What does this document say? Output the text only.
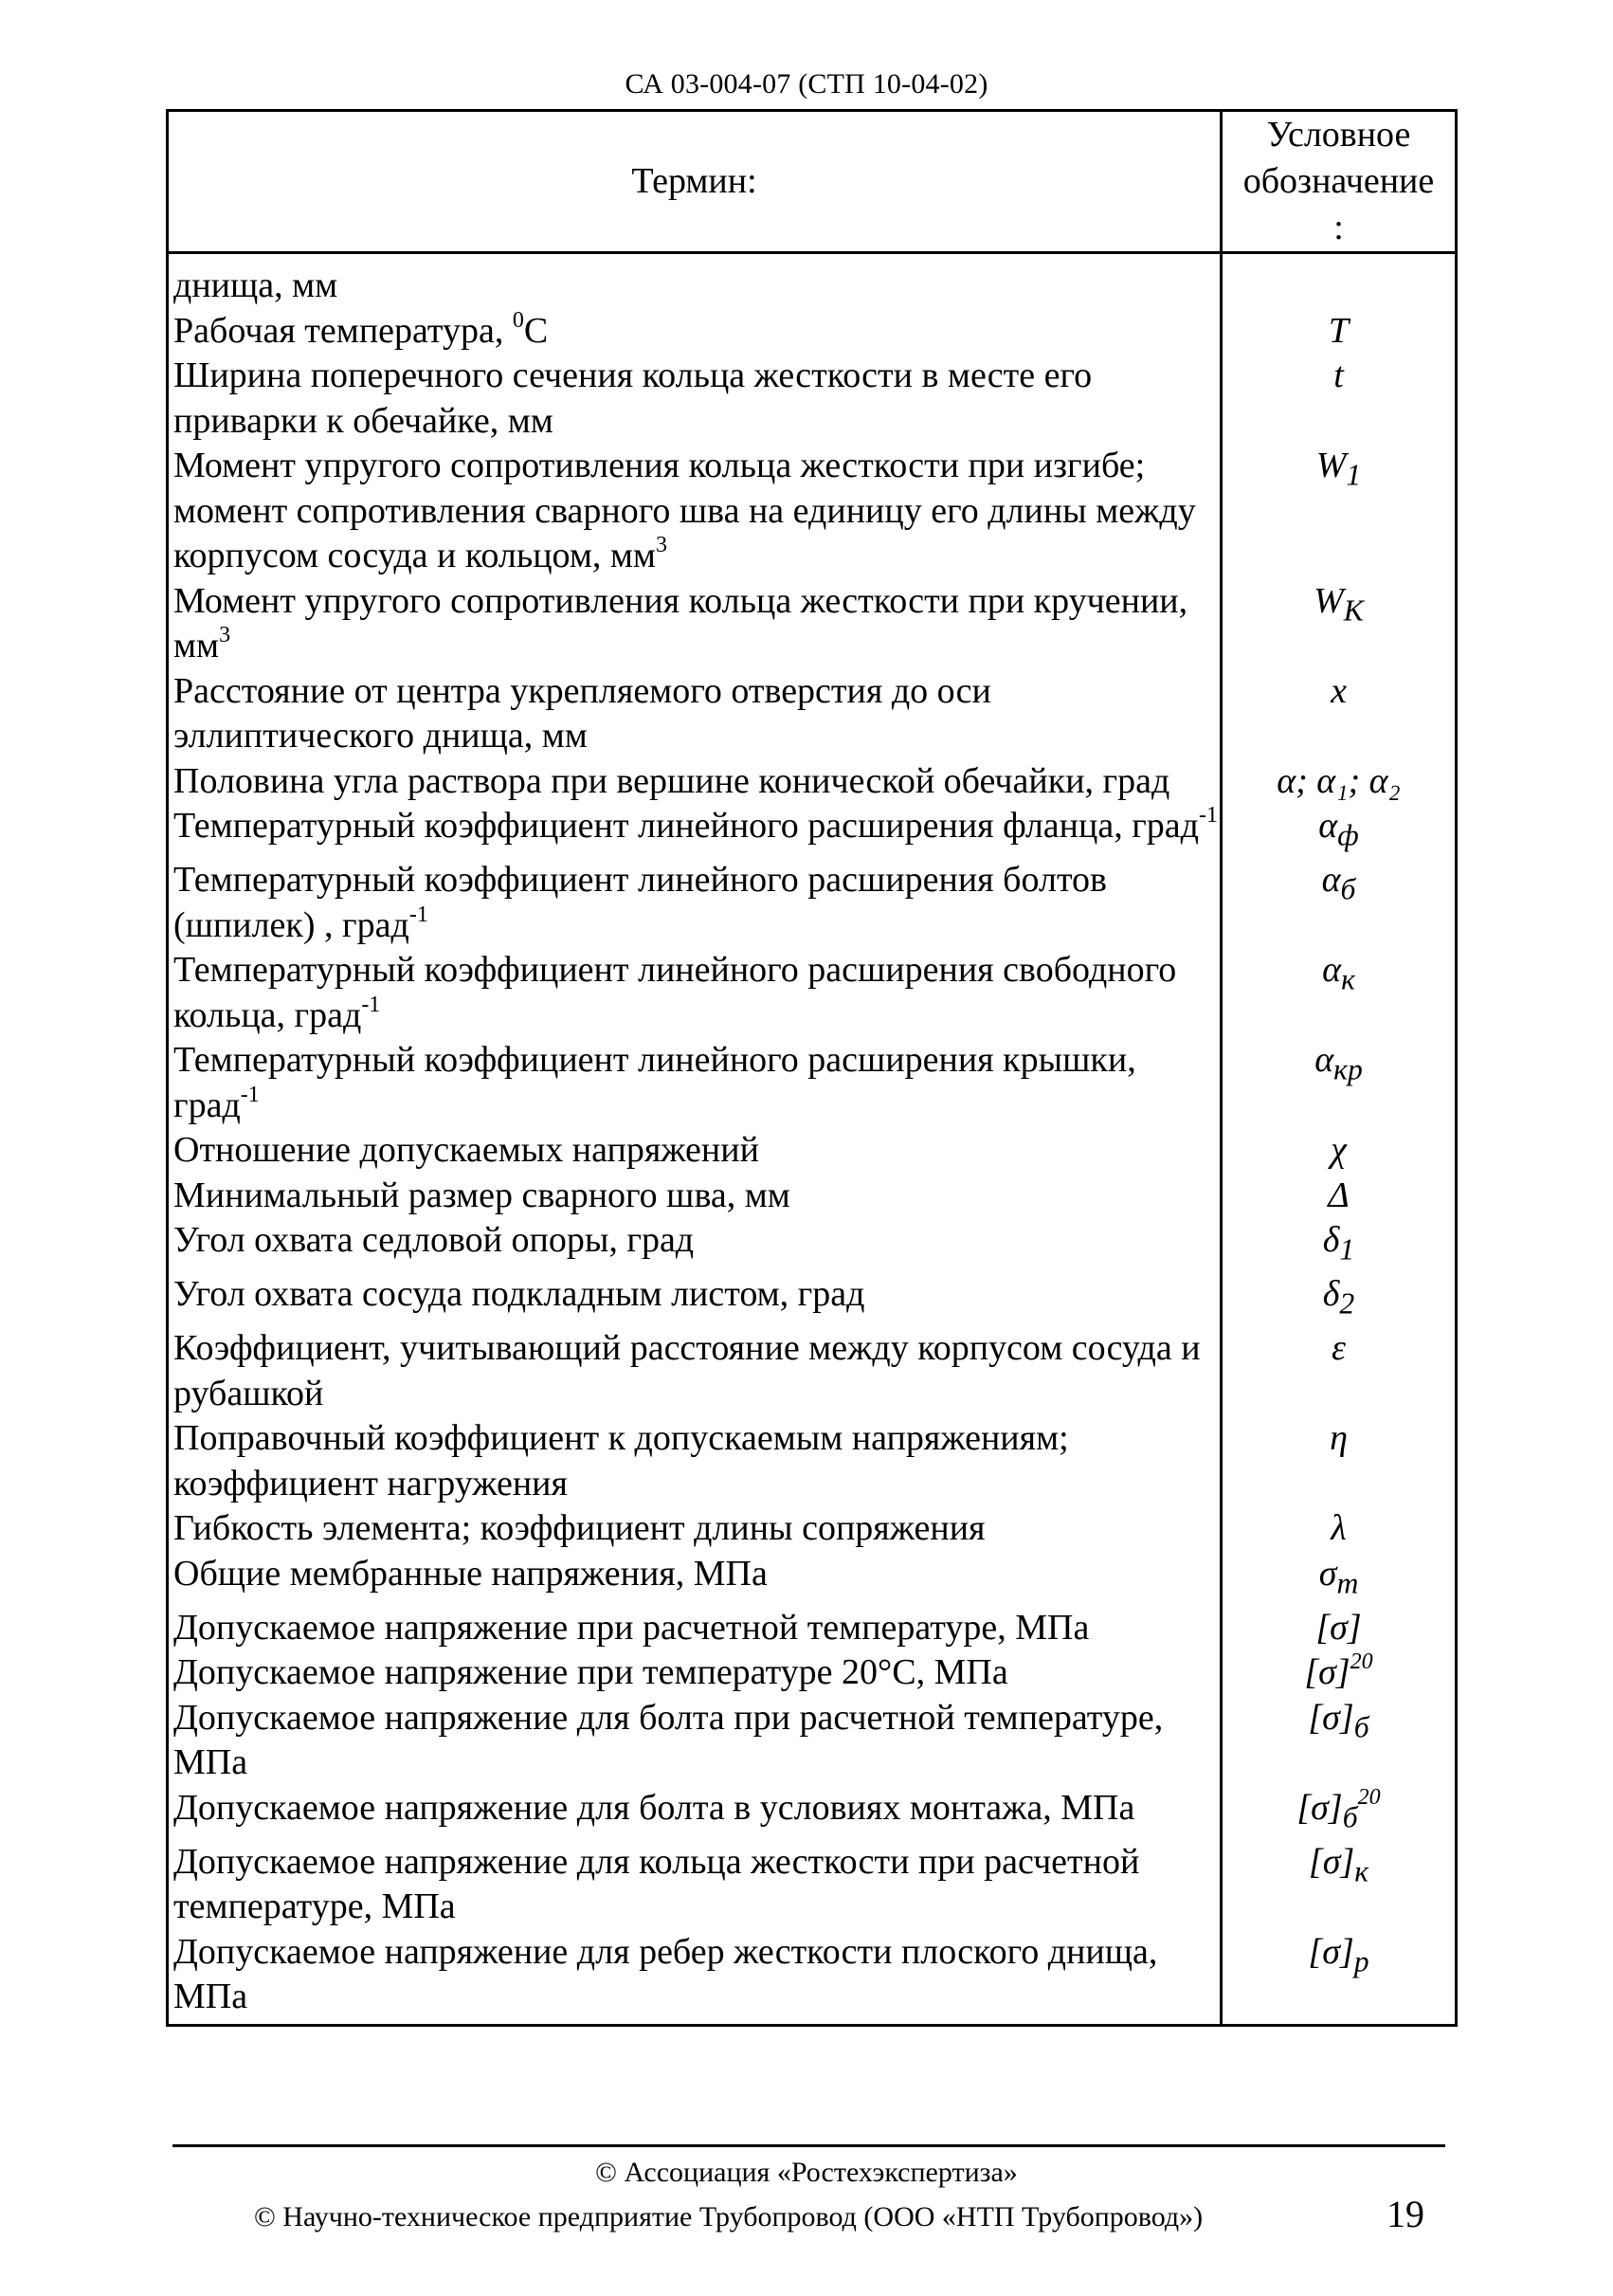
СА 03-004-07 (СТП 10-04-02)
Термин:	Условное
обозначение
:
днища, мм	
Рабочая температура, $^0$С	T
Ширина поперечного сечения кольца жесткости в месте его приварки к обечайке, мм	t
Момент упругого сопротивления кольца жесткости при изгибе; момент сопротивления сварного шва на единицу его длины между корпусом сосуда и кольцом, $мм^3$	$W_1$
Момент упругого сопротивления кольца жесткости при кручении, $мм^3$	$W_K$
Расстояние от центра укрепляемого отверстия до оси эллиптического днища, мм	x
Половина угла раствора при вершине конической обечайки, град	α; α₁; α₂
Температурный коэффициент линейного расширения фланца, град$^{-1}$	$\alpha_ф$
Температурный коэффициент линейного расширения болтов (шпилек) , град$^{-1}$	$\alpha_б$
Температурный коэффициент линейного расширения свободного кольца, град$^{-1}$	$\alpha_к$
Температурный коэффициент линейного расширения крышки, град$^{-1}$	$\alpha_{кр}$
Отношение допускаемых напряжений	χ
Минимальный размер сварного шва, мм	Δ
Угол охвата седловой опоры, град	$\delta_1$
Угол охвата сосуда подкладным листом, град	$\delta_2$
Коэффициент, учитывающий расстояние между корпусом сосуда и рубашкой	ε
Поправочный коэффициент к допускаемым напряжениям; коэффициент нагружения	η
Гибкость элемента; коэффициент длины сопряжения	λ
Общие мембранные напряжения, МПа	$\sigma_m$
Допускаемое напряжение при расчетной температуре, МПа	[σ]
Допускаемое напряжение при температуре 20°С, МПа	$[\sigma]^{20}$
Допускаемое напряжение для болта при расчетной температуре, МПа	$[\sigma]_б$
Допускаемое напряжение для болта в условиях монтажа, МПа	$[\sigma]_б^{20}$
Допускаемое напряжение для кольца жесткости при расчетной температуре, МПа	$[\sigma]_к$
Допускаемое напряжение для ребер жесткости плоского днища, МПа	$[\sigma]_p$
© Ассоциация «Ростехэкспертиза»
© Научно-техническое предприятие Трубопровод (ООО «НТП Трубопровод»)	19
